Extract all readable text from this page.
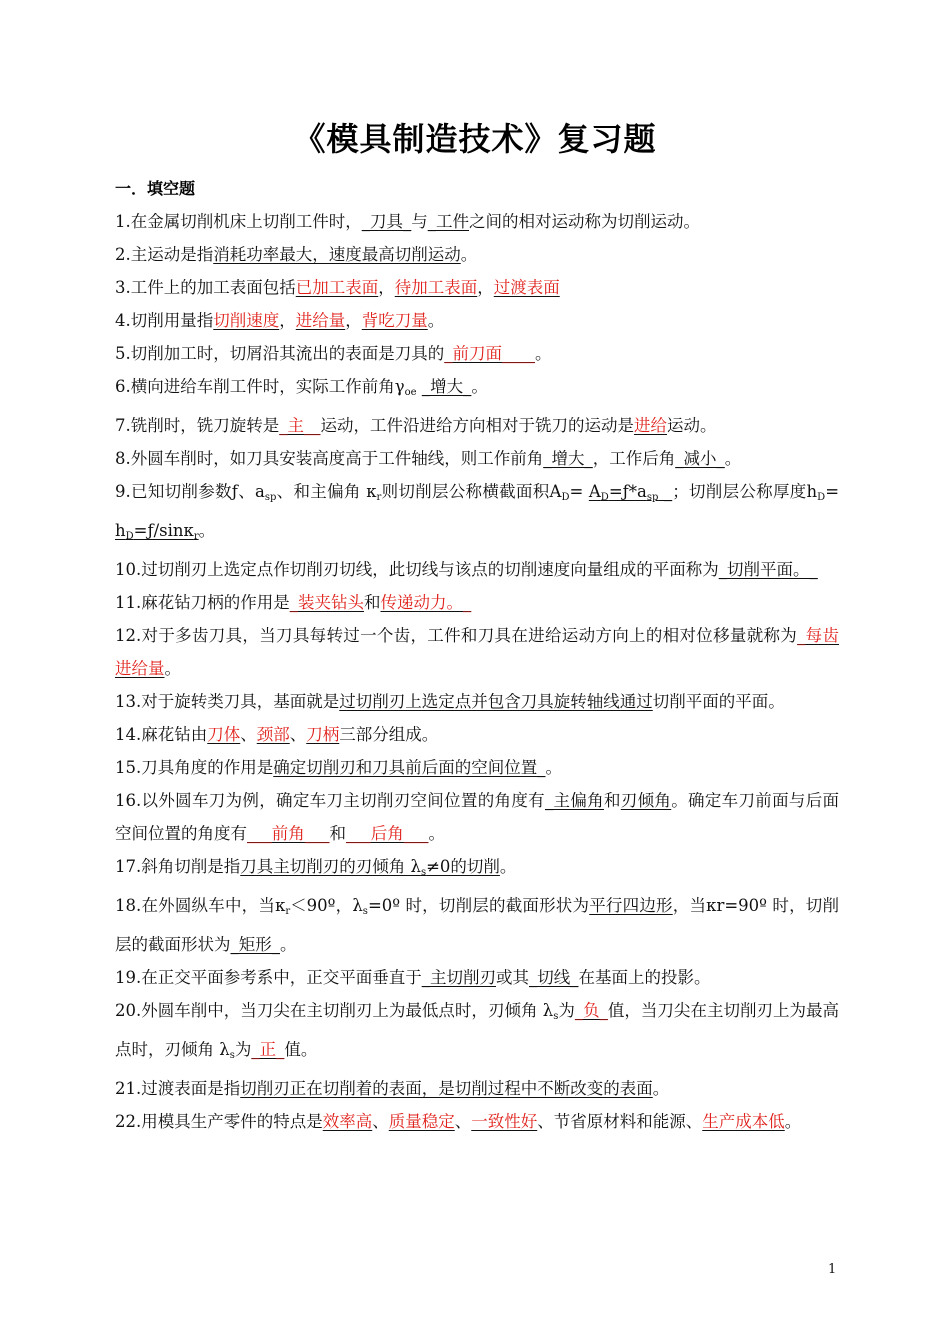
《模具制造技术》复习题
一．填空题

1.在金属切削机床上切削工件时，_刀具_与_工件之间的相对运动称为切削运动。

2.主运动是指消耗功率最大，速度最高切削运动。

3.工件上的加工表面包括已加工表面，待加工表面，过渡表面

4.切削用量指切削速度，进给量，背吃刀量。

5.切削加工时，切屑沿其流出的表面是刀具的_前刀面____。

6.横向进给车削工件时，实际工作前角$\gamma_{oe}$ _增大_。

7.铣削时，铣刀旋转是_主__运动，工件沿进给方向相对于铣刀的运动是进给运动。

8.外圆车削时，如刀具安装高度高于工件轴线，则工作前角_增大_，工作后角_减小_。

9.已知切削参数ƒ、$a_{sp}$、和主偏角 $\kappa_r$则切削层公称横截面积$A_D=$ $A_D=ƒ*a_{sp}$ _；切削层公称厚度$h_D=$ $h_D=ƒ/\sin\kappa_r$。

10.过切削刃上选定点作切削刃切线，此切线与该点的切削速度向量组成的平面称为_切削平面。_

11.麻花钻刀柄的作用是_装夹钻头和传递动力。_

12.对于多齿刀具，当刀具每转过一个齿，工件和刀具在进给运动方向上的相对位移量就称为_每齿进给量。

13.对于旋转类刀具，基面就是过切削刃上选定点并包含刀具旋转轴线通过切削平面的平面。

14.麻花钻由刀体、颈部、刀柄三部分组成。

15.刀具角度的作用是确定切削刃和刀具前后面的空间位置_。

16.以外圆车刀为例，确定车刀主切削刃空间位置的角度有_主偏角和刃倾角。确定车刀前面与后面空间位置的角度有___前角___和___后角___。

17.斜角切削是指刀具主切削刃的刃倾角 $\lambda_s\ne 0$的切削。

18.在外圆纵车中，当$\kappa_r<90º$，$\lambda_s=0º$ 时，切削层的截面形状为平行四边形，当κr=90º 时，切削层的截面形状为_矩形_。

19.在正交平面参考系中，正交平面垂直于_主切削刃或其_切线_在基面上的投影。

20.外圆车削中，当刀尖在主切削刃上为最低点时，刃倾角 $\lambda_s$为_负_值，当刀尖在主切削刃上为最高点时，刃倾角 $\lambda_s$为_正_值。

21.过渡表面是指切削刃正在切削着的表面，是切削过程中不断改变的表面。

22.用模具生产零件的特点是效率高、质量稳定、一致性好、节省原材料和能源、生产成本低。

1
